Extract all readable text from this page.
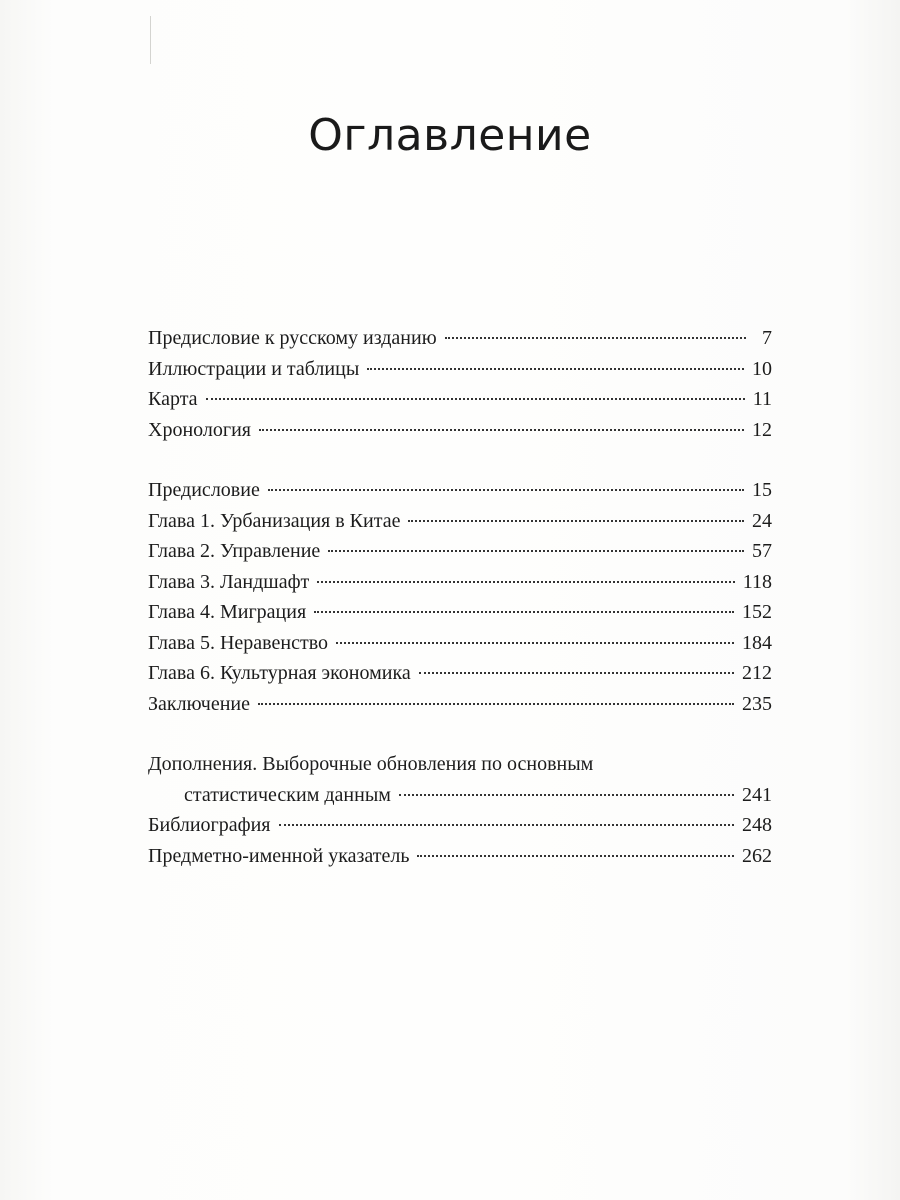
Оглавление
Предисловие к русскому изданию	7
Иллюстрации и таблицы	10
Карта	11
Хронология	12
Предисловие	15
Глава 1. Урбанизация в Китае	24
Глава 2. Управление	57
Глава 3. Ландшафт	118
Глава 4. Миграция	152
Глава 5. Неравенство	184
Глава 6. Культурная экономика	212
Заключение	235
Дополнения. Выборочные обновления по основным
статистическим данным	241
Библиография	248
Предметно-именной указатель	262
